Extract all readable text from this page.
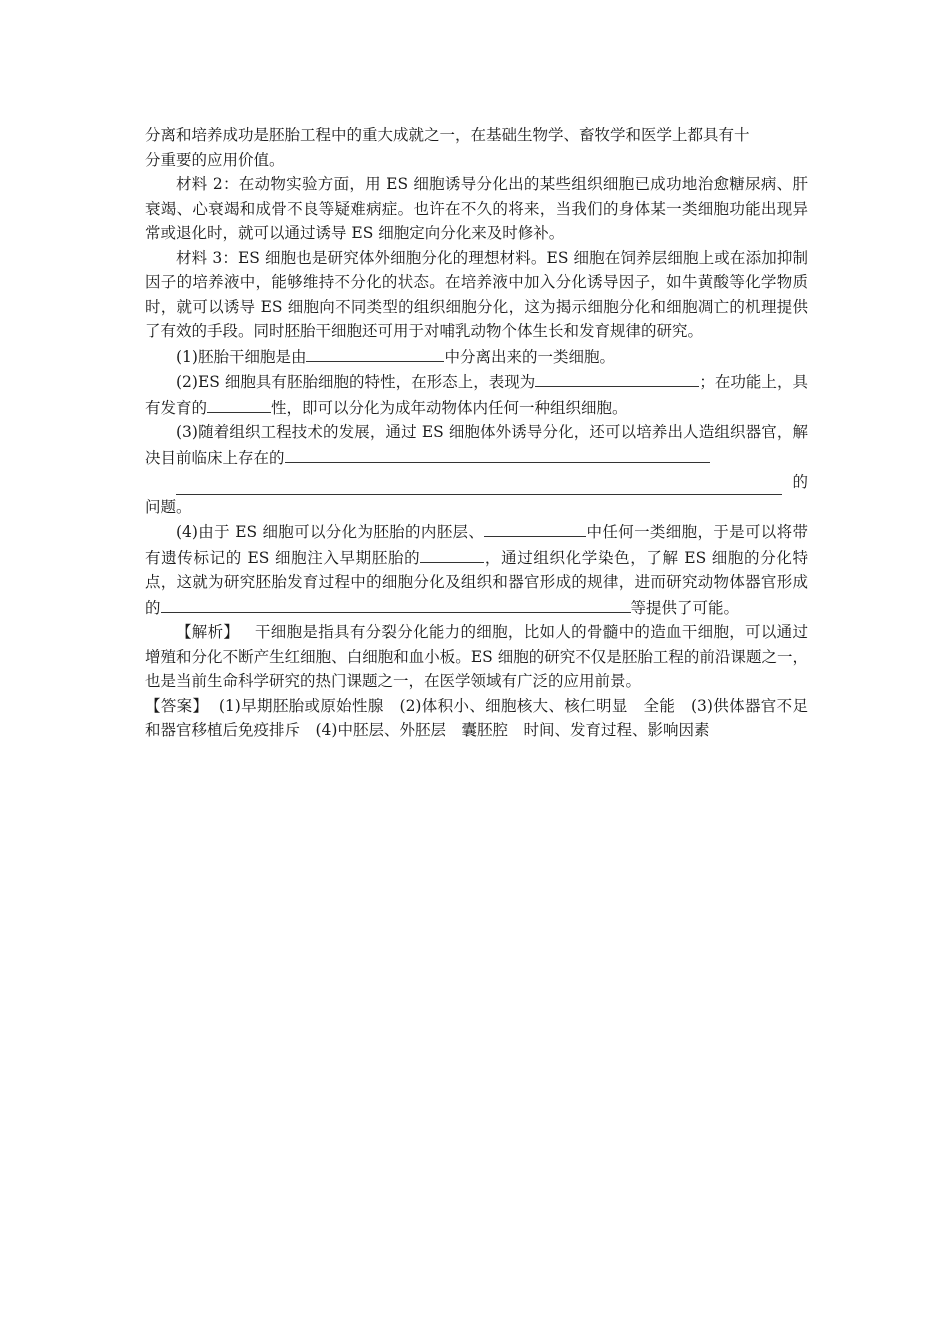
分离和培养成功是胚胎工程中的重大成就之一，在基础生物学、畜牧学和医学上都具有十
分重要的应用价值。

材料 2：在动物实验方面，用 ES 细胞诱导分化出的某些组织细胞已成功地治愈糖尿病、肝衰竭、心衰竭和成骨不良等疑难病症。也许在不久的将来，当我们的身体某一类细胞功能出现异常或退化时，就可以通过诱导 ES 细胞定向分化来及时修补。

材料 3：ES 细胞也是研究体外细胞分化的理想材料。ES 细胞在饲养层细胞上或在添加抑制因子的培养液中，能够维持不分化的状态。在培养液中加入分化诱导因子，如牛黄酸等化学物质时，就可以诱导 ES 细胞向不同类型的组织细胞分化，这为揭示细胞分化和细胞凋亡的机理提供了有效的手段。同时胚胎干细胞还可用于对哺乳动物个体生长和发育规律的研究。

(1)胚胎干细胞是由	中分离出来的一类细胞。

(2)ES 细胞具有胚胎细胞的特性，在形态上，表现为	；在功能上，具有发育的	性，即可以分化为成年动物体内任何一种组织细胞。

(3)随着组织工程技术的发展，通过 ES 细胞体外诱导分化，还可以培养出人造组织器官，解决目前临床上存在的

的

问题。

(4)由于 ES 细胞可以分化为胚胎的内胚层、	中任何一类细胞，于是可以将带有遗传标记的 ES 细胞注入早期胚胎的	，通过组织化学染色，了解 ES 细胞的分化特点，这就为研究胚胎发育过程中的细胞分化及组织和器官形成的规律，进而研究动物体器官形成的	等提供了可能。

【解析】 干细胞是指具有分裂分化能力的细胞，比如人的骨髓中的造血干细胞，可以通过增殖和分化不断产生红细胞、白细胞和血小板。ES 细胞的研究不仅是胚胎工程的前沿课题之一，也是当前生命科学研究的热门课题之一，在医学领域有广泛的应用前景。

【答案】 (1)早期胚胎或原始性腺　(2)体积小、细胞核大、核仁明显　全能　(3)供体器官不足和器官移植后免疫排斥　(4)中胚层、外胚层　囊胚腔　时间、发育过程、影响因素
